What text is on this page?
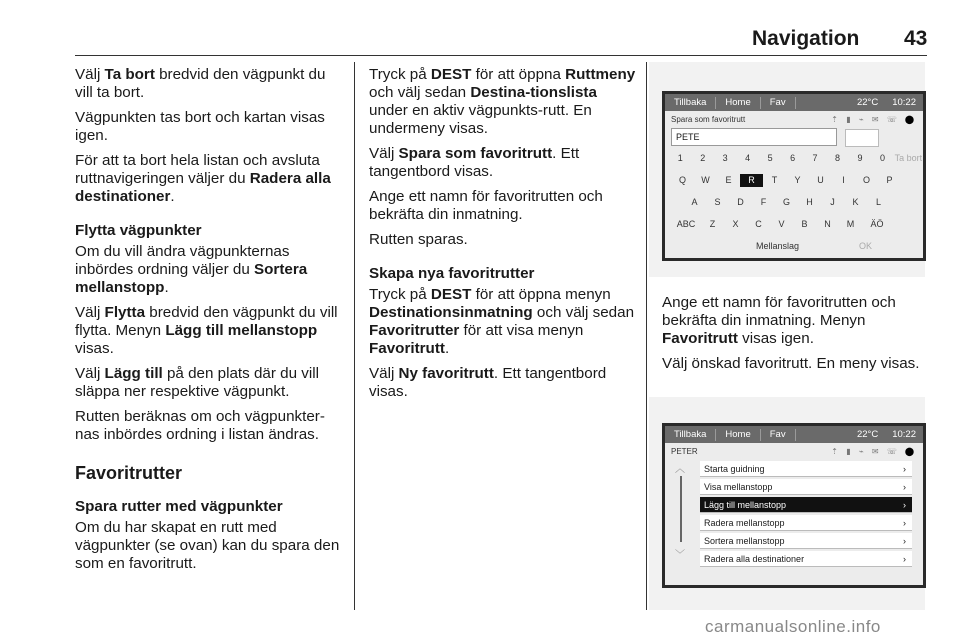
Navigation 43

Välj Ta bort bredvid den vägpunkt du vill ta bort.

Vägpunkten tas bort och kartan visas igen.

För att ta bort hela listan och avsluta ruttnavigeringen väljer du Radera alla destinationer.

Flytta vägpunkter

Om du vill ändra vägpunkternas inbördes ordning väljer du Sortera mellanstopp.

Välj Flytta bredvid den vägpunkt du vill flytta. Menyn Lägg till mellanstopp visas.

Välj Lägg till på den plats där du vill släppa ner respektive vägpunkt.

Rutten beräknas om och vägpunkter-nas inbördes ordning i listan ändras.

Favoritrutter
Spara rutter med vägpunkter

Om du har skapat en rutt med vägpunkter (se ovan) kan du spara den som en favoritrutt.

Tryck på DEST för att öppna Ruttmeny och välj sedan Destina-tionslista under en aktiv vägpunkts-rutt. En undermeny visas.

Välj Spara som favoritrutt. Ett tangentbord visas.

Ange ett namn för favoritrutten och bekräfta din inmatning.

Rutten sparas.

Skapa nya favoritrutter

Tryck på DEST för att öppna menyn Destinationsinmatning och välj sedan Favoritrutter för att visa menyn Favoritrutt.

Välj Ny favoritrutt. Ett tangentbord visas.

Ange ett namn för favoritrutten och bekräfta din inmatning. Menyn Favoritrutt visas igen.

Välj önskad favoritrutt. En meny visas.

Tillbaka	Home	Fav	22°C	10:22
Spara som favoritrutt	⇡ ▮ ⌁ ✉ ☏ ⬤
PETE
1	2	3	4	5	6	7	8	9	0	Ta bort
Q	W	E	R	T	Y	U	I	O	P
A	S	D	F	G	H	J	K	L
ABC	Z	X	C	V	B	N	M	ÄÖ
Mellanslag	OK
Tillbaka	Home	Fav	22°C	10:22
PETER	⇡ ▮ ⌁ ✉ ☏ ⬤
︿
﹀
Starta guidning	›
Visa mellanstopp	›
Lägg till mellanstopp	›
Radera mellanstopp	›
Sortera mellanstopp	›
Radera alla destinationer	›
carmanualsonline.info
